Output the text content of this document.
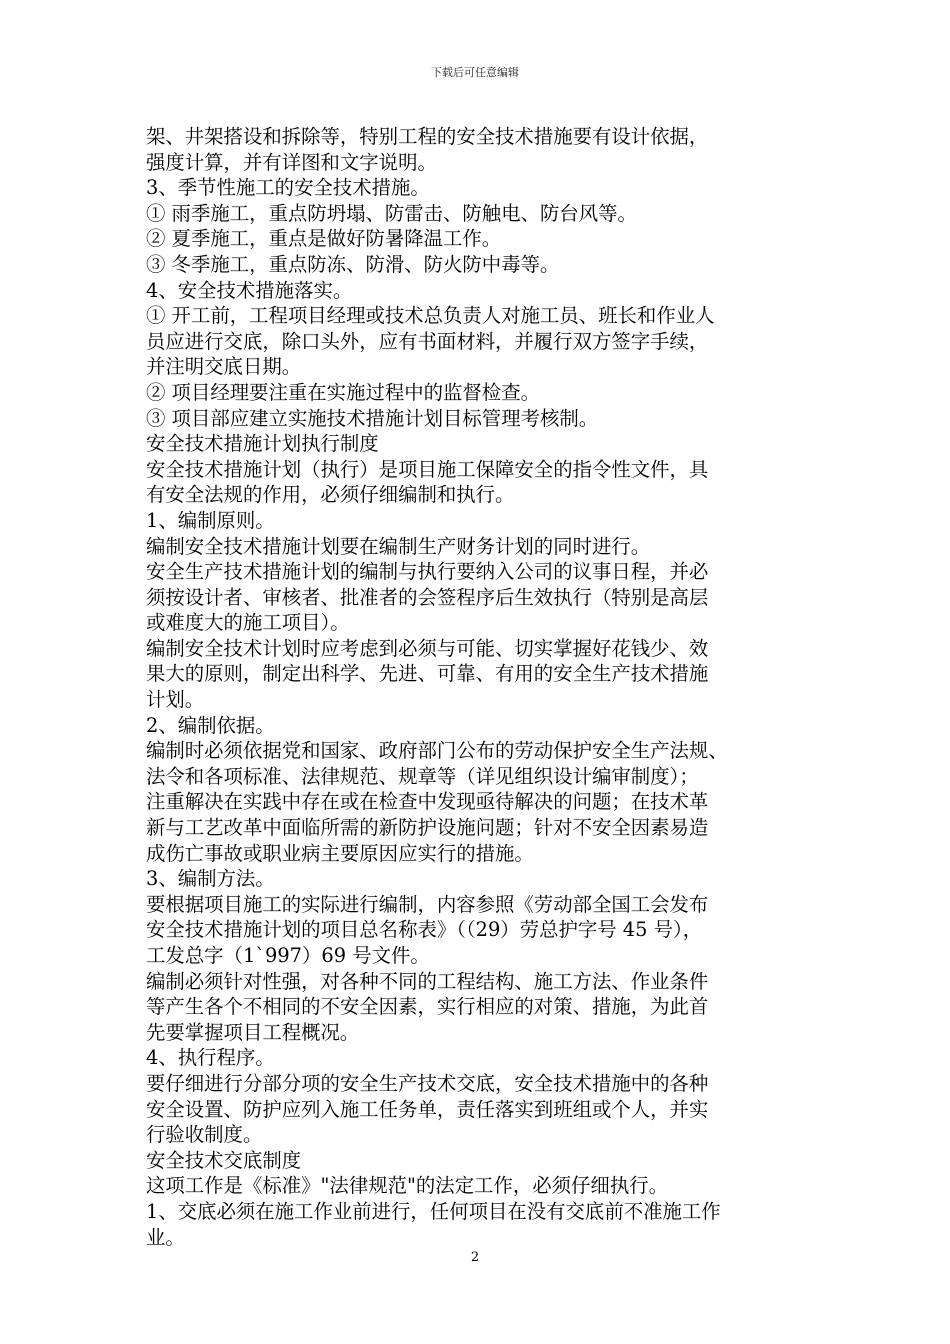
下载后可任意编辑
架、井架搭设和拆除等，特别工程的安全技术措施要有设计依据，
强度计算，并有详图和文字说明。
3、季节性施工的安全技术措施。
① 雨季施工，重点防坍塌、防雷击、防触电、防台风等。
② 夏季施工，重点是做好防暑降温工作。
③ 冬季施工，重点防冻、防滑、防火防中毒等。
4、安全技术措施落实。
① 开工前，工程项目经理或技术总负责人对施工员、班长和作业人
员应进行交底，除口头外，应有书面材料，并履行双方签字手续，
并注明交底日期。
② 项目经理要注重在实施过程中的监督检查。
③ 项目部应建立实施技术措施计划目标管理考核制。
安全技术措施计划执行制度
安全技术措施计划（执行）是项目施工保障安全的指令性文件，具
有安全法规的作用，必须仔细编制和执行。
1、编制原则。
编制安全技术措施计划要在编制生产财务计划的同时进行。
安全生产技术措施计划的编制与执行要纳入公司的议事日程，并必
须按设计者、审核者、批准者的会签程序后生效执行（特别是高层
或难度大的施工项目）。
编制安全技术计划时应考虑到必须与可能、切实掌握好花钱少、效
果大的原则，制定出科学、先进、可靠、有用的安全生产技术措施
计划。
2、编制依据。
编制时必须依据党和国家、政府部门公布的劳动保护安全生产法规、
法令和各项标准、法律规范、规章等（详见组织设计编审制度）；
注重解决在实践中存在或在检查中发现亟待解决的问题；在技术革
新与工艺改革中面临所需的新防护设施问题；针对不安全因素易造
成伤亡事故或职业病主要原因应实行的措施。
3、编制方法。
要根据项目施工的实际进行编制，内容参照《劳动部全国工会发布
安全技术措施计划的项目总名称表》（（29）劳总护字号 45 号），
工发总字（1`997）69 号文件。
编制必须针对性强，对各种不同的工程结构、施工方法、作业条件
等产生各个不相同的不安全因素，实行相应的对策、措施，为此首
先要掌握项目工程概况。
4、执行程序。
要仔细进行分部分项的安全生产技术交底，安全技术措施中的各种
安全设置、防护应列入施工任务单，责任落实到班组或个人，并实
行验收制度。
安全技术交底制度
这项工作是《标准》"法律规范"的法定工作，必须仔细执行。
1、交底必须在施工作业前进行，任何项目在没有交底前不准施工作
业。
2
